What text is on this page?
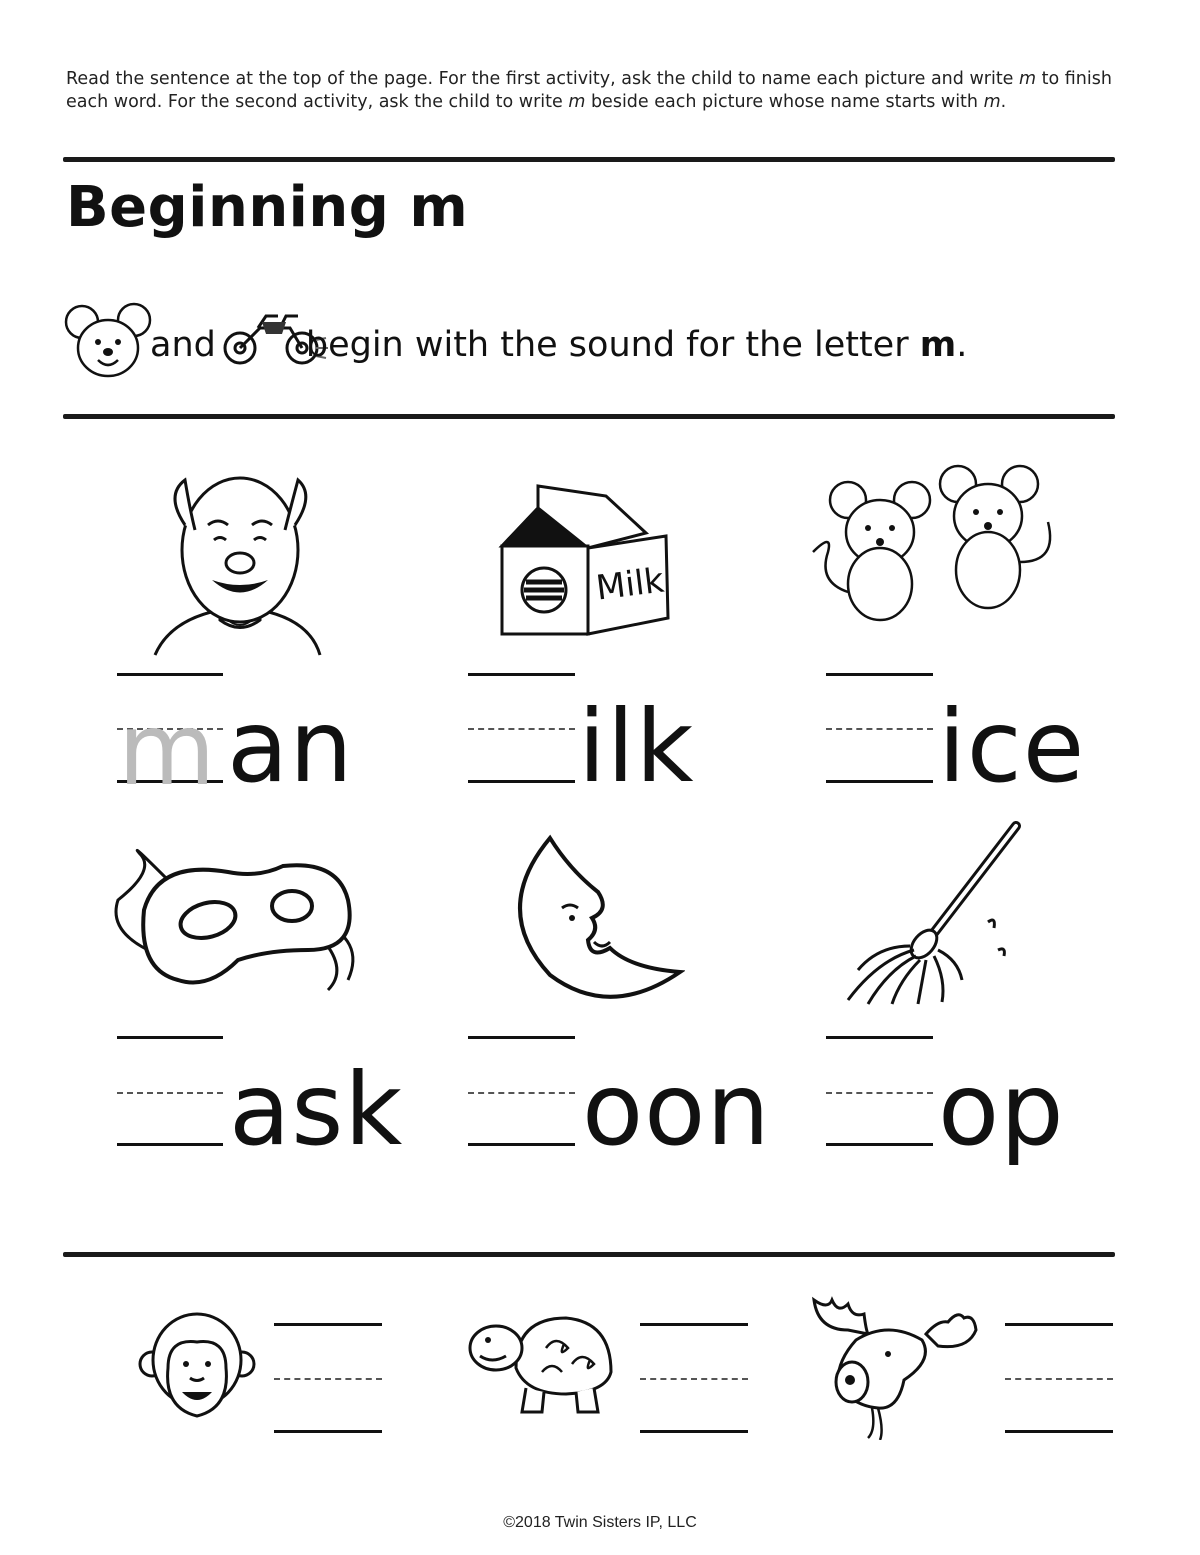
Read the sentence at the top of the page. For the first activity, ask the child to name each picture and write m to finish each word. For the second activity, ask the child to write m beside each picture whose name starts with m.
Beginning m
and	begin with the sound for the letter m.
Milk
m an ilk ice
ask oon op
©2018 Twin Sisters IP, LLC
